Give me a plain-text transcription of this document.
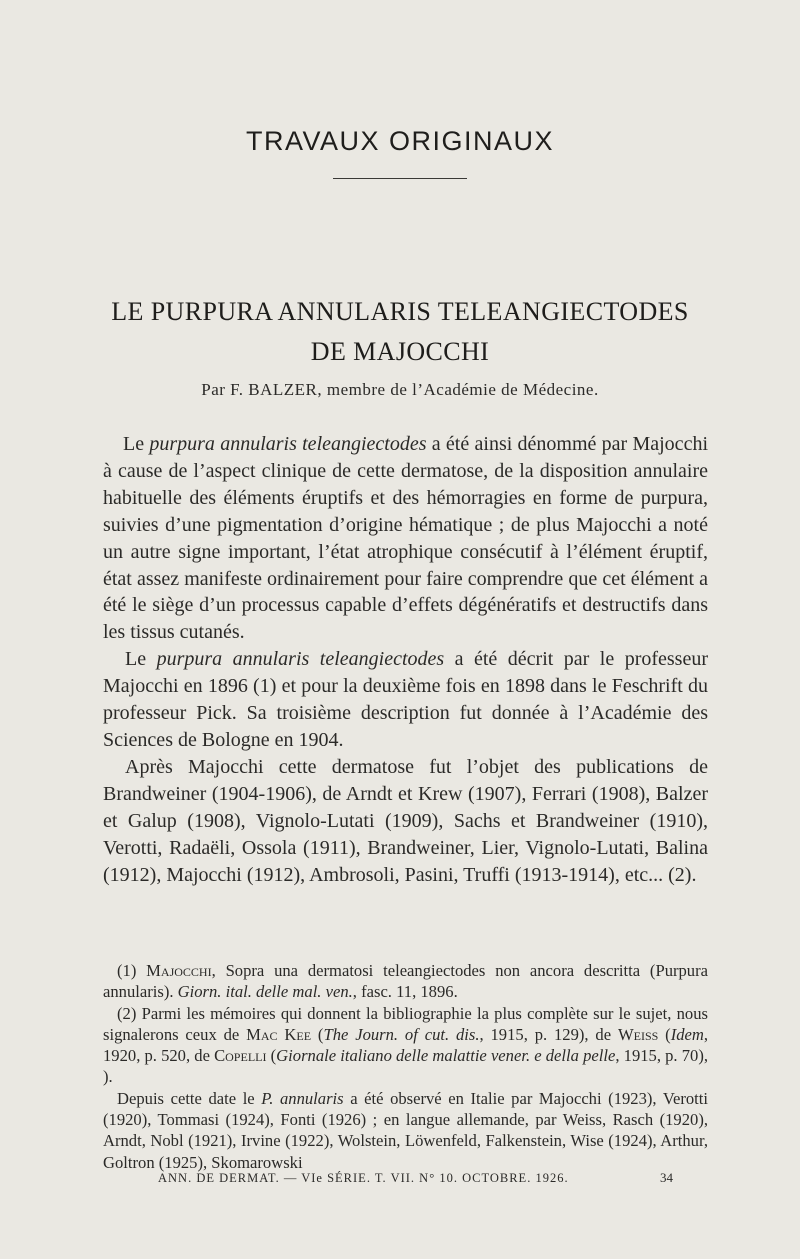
TRAVAUX ORIGINAUX
LE PURPURA ANNULARIS TELEANGIECTODES
DE MAJOCCHI
Par F. BALZER, membre de l’Académie de Médecine.

Le purpura annularis teleangiectodes a été ainsi dénommé par Majocchi à cause de l’aspect clinique de cette dermatose, de la disposition annulaire habituelle des éléments éruptifs et des hémorragies en forme de purpura, suivies d’une pigmentation d’origine hématique ; de plus Majocchi a noté un autre signe important, l’état atrophique consécutif à l’élément éruptif, état assez manifeste ordinairement pour faire comprendre que cet élément a été le siège d’un processus capable d’effets dégénératifs et destructifs dans les tissus cutanés.

Le purpura annularis teleangiectodes a été décrit par le professeur Majocchi en 1896 (1) et pour la deuxième fois en 1898 dans le Feschrift du professeur Pick. Sa troisième description fut donnée à l’Académie des Sciences de Bologne en 1904.

Après Majocchi cette dermatose fut l’objet des publications de Brandweiner (1904-1906), de Arndt et Krew (1907), Ferrari (1908), Balzer et Galup (1908), Vignolo-Lutati (1909), Sachs et Brandweiner (1910), Verotti, Radaëli, Ossola (1911), Brandweiner, Lier, Vignolo-Lutati, Balina (1912), Majocchi (1912), Ambrosoli, Pasini, Truffi (1913-1914), etc... (2).

(1) Majocchi, Sopra una dermatosi teleangiectodes non ancora descritta (Purpura annularis). Giorn. ital. delle mal. ven., fasc. 11, 1896.

(2) Parmi les mémoires qui donnent la bibliographie la plus complète sur le sujet, nous signalerons ceux de Mac Kee (The Journ. of cut. dis., 1915, p. 129), de Weiss (Idem, 1920, p. 520, de Copelli (Giornale italiano delle malattie vener. e della pelle, 1915, p. 70), ).

Depuis cette date le P. annularis a été observé en Italie par Majocchi (1923), Verotti (1920), Tommasi (1924), Fonti (1926) ; en langue allemande, par Weiss, Rasch (1920), Arndt, Nobl (1921), Irvine (1922), Wolstein, Löwenfeld, Falkenstein, Wise (1924), Arthur, Goltron (1925), Skomarowski

ANN. DE DERMAT. — VIe SÉRIE. T. VII. N° 10. OCTOBRE. 1926.	34
